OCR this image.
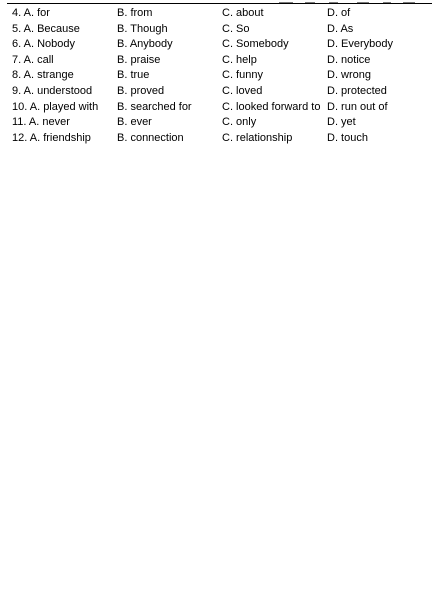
4. A. for	B. from	C. about	D. of
5. A. Because	B. Though	C. So	D. As
6. A. Nobody	B. Anybody	C. Somebody	D. Everybody
7. A. call	B. praise	C. help	D. notice
8. A. strange	B. true	C. funny	D. wrong
9. A. understood	B. proved	C. loved	D. protected
10. A. played with	B. searched for	C. looked forward to D. run out of
11. A. never	B. ever	C. only	D. yet
12. A. friendship	B. connection	C. relationship	D. touch
